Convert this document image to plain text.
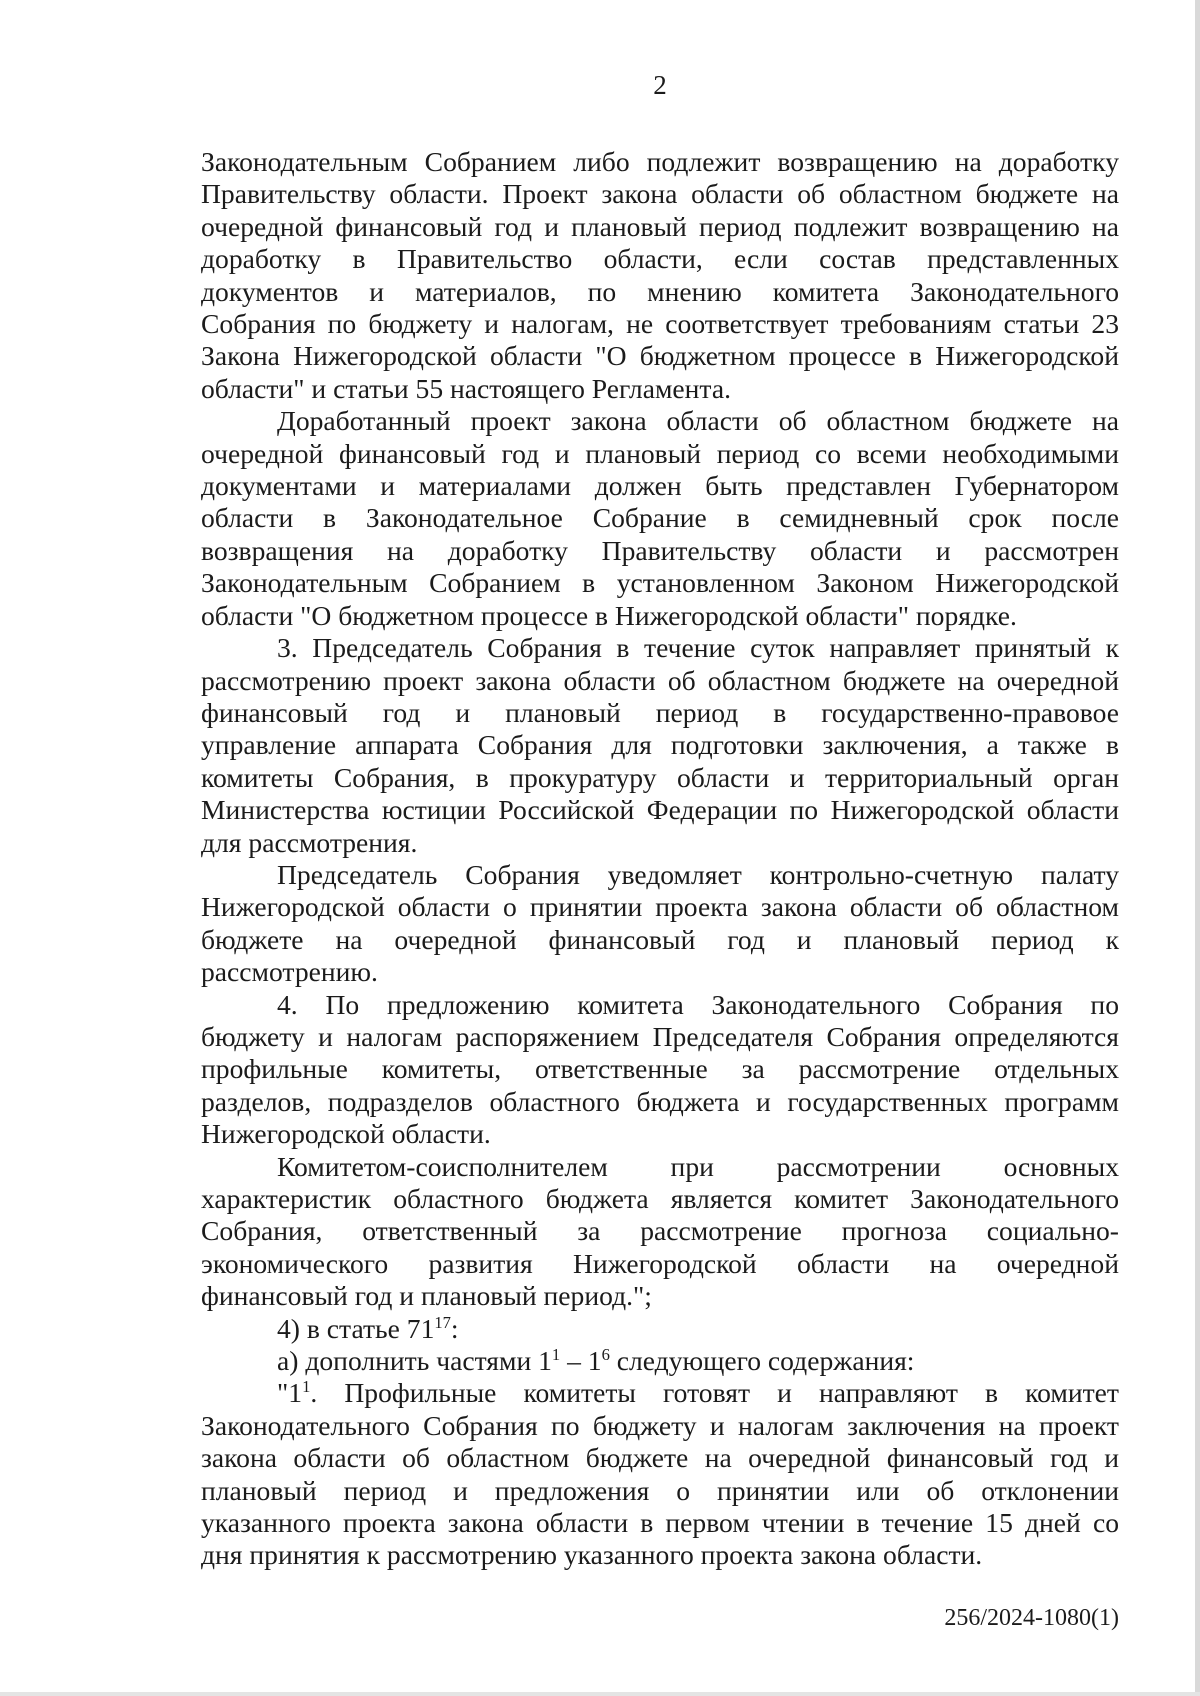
2
Законодательным Собранием либо подлежит возвращению на доработку
Правительству области. Проект закона области об областном бюджете на
очередной финансовый год и плановый период подлежит возвращению на
доработку в Правительство области, если состав представленных
документов и материалов, по мнению комитета Законодательного
Собрания по бюджету и налогам, не соответствует требованиям статьи 23
Закона Нижегородской области "О бюджетном процессе в Нижегородской
области" и статьи 55 настоящего Регламента.
Доработанный проект закона области об областном бюджете на
очередной финансовый год и плановый период со всеми необходимыми
документами и материалами должен быть представлен Губернатором
области в Законодательное Собрание в семидневный срок после
возвращения на доработку Правительству области и рассмотрен
Законодательным Собранием в установленном Законом Нижегородской
области "О бюджетном процессе в Нижегородской области" порядке.
3. Председатель Собрания в течение суток направляет принятый к
рассмотрению проект закона области об областном бюджете на очередной
финансовый год и плановый период в государственно-правовое
управление аппарата Собрания для подготовки заключения, а также в
комитеты Собрания, в прокуратуру области и территориальный орган
Министерства юстиции Российской Федерации по Нижегородской области
для рассмотрения.
Председатель Собрания уведомляет контрольно-счетную палату
Нижегородской области о принятии проекта закона области об областном
бюджете на очередной финансовый год и плановый период к
рассмотрению.
4. По предложению комитета Законодательного Собрания по
бюджету и налогам распоряжением Председателя Собрания определяются
профильные комитеты, ответственные за рассмотрение отдельных
разделов, подразделов областного бюджета и государственных программ
Нижегородской области.
Комитетом-соисполнителем при рассмотрении основных
характеристик областного бюджета является комитет Законодательного
Собрания, ответственный за рассмотрение прогноза социально-
экономического развития Нижегородской области на очередной
финансовый год и плановый период.";
4) в статье $71^{17}$:
а) дополнить частями $1^1 - 1^6$ следующего содержания:
"$1^1$. Профильные комитеты готовят и направляют в комитет
Законодательного Собрания по бюджету и налогам заключения на проект
закона области об областном бюджете на очередной финансовый год и
плановый период и предложения о принятии или об отклонении
указанного проекта закона области в первом чтении в течение 15 дней со
дня принятия к рассмотрению указанного проекта закона области.
256/2024-1080(1)
